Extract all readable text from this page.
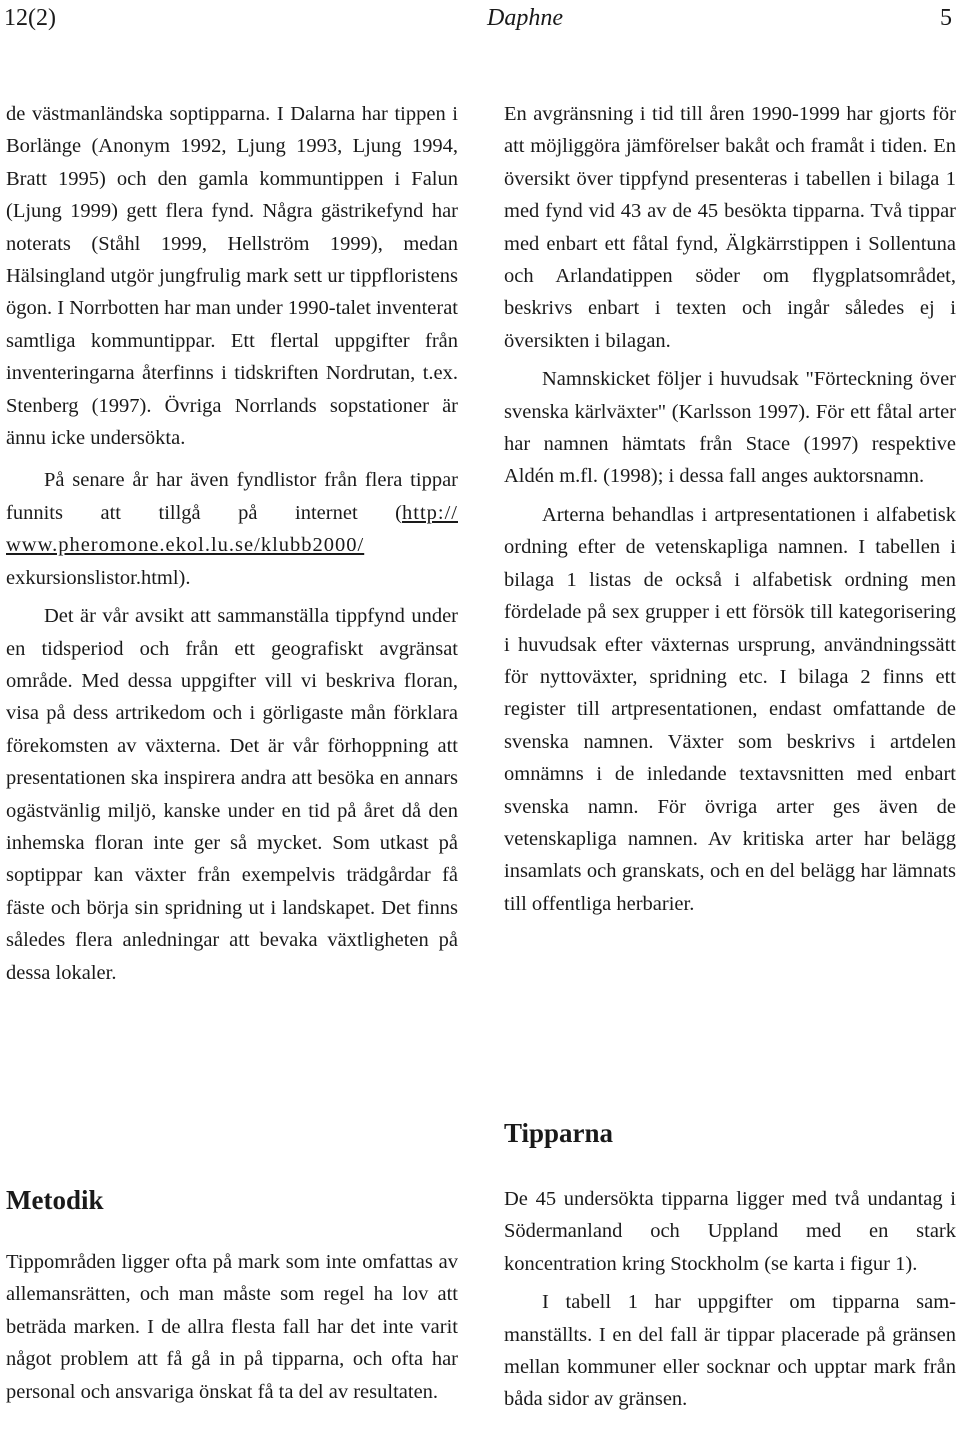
12(2)	Daphne	5

de västmanländska soptipparna. I Dalarna har tippen i Borlänge (Anonym 1992, Ljung 1993, Ljung 1994, Bratt 1995) och den gamla kommuntippen i Falun (Ljung 1999) gett flera fynd. Några gästrikefynd har noterats (Ståhl 1999, Hellström 1999), medan Hälsingland utgör jungfrulig mark sett ur tippfloristens ögon. I Norrbotten har man under 1990-talet inventerat samtliga kommuntippar. Ett flertal uppgifter från inventeringarna återfinns i tidskriften Nordrutan, t.ex. Stenberg (1997). Övriga Norrlands sopstationer är ännu icke undersökta.

På senare år har även fyndlistor från flera tippar funnits att tillgå på internet (http:// www.pheromone.ekol.lu.se/klubb2000/ exkursionslistor.html).

Det är vår avsikt att sammanställa tippfynd under en tidsperiod och från ett geografiskt avgränsat område. Med dessa uppgifter vill vi beskriva floran, visa på dess artrikedom och i görligaste mån förklara förekomsten av växterna. Det är vår förhoppning att presentationen ska inspirera andra att besöka en annars ogästvänlig miljö, kanske under en tid på året då den inhemska floran inte ger så mycket. Som utkast på soptippar kan växter från exempelvis trädgårdar få fäste och börja sin spridning ut i landskapet. Det finns således flera anledningar att bevaka växtligheten på dessa lokaler.

Metodik

Tippområden ligger ofta på mark som inte omfattas av allemansrätten, och man måste som regel ha lov att beträda marken. I de allra flesta fall har det inte varit något problem att få gå in på tipparna, och ofta har personal och ansvariga önskat få ta del av resultaten.

En avgränsning i tid till åren 1990-1999 har gjorts för att möjliggöra jämförelser bakåt och framåt i tiden. En översikt över tippfynd presenteras i tabellen i bilaga 1 med fynd vid 43 av de 45 besökta tipparna. Två tippar med enbart ett fåtal fynd, Älgkärrstippen i Sollentuna och Arlandatippen söder om flygplatsområdet, beskrivs enbart i texten och ingår således ej i översikten i bilagan.

Namnskicket följer i huvudsak "Förteckning över svenska kärlväxter" (Karlsson 1997). För ett fåtal arter har namnen hämtats från Stace (1997) respektive Aldén m.fl. (1998); i dessa fall anges auktorsnamn.

Arterna behandlas i artpresentationen i alfabetisk ordning efter de vetenskapliga namnen. I tabellen i bilaga 1 listas de också i alfabetisk ordning men fördelade på sex grupper i ett försök till kategorisering i huvudsak efter växternas ursprung, användningssätt för nyttoväxter, spridning etc. I bilaga 2 finns ett register till artpresentationen, endast omfattande de svenska namnen. Växter som beskrivs i artdelen omnämns i de inledande textavsnitten med enbart svenska namn. För övriga arter ges även de vetenskapliga namnen. Av kritiska arter har belägg insamlats och granskats, och en del belägg har lämnats till offentliga herbarier.

Tipparna

De 45 undersökta tipparna ligger med två undantag i Södermanland och Uppland med en stark koncentration kring Stockholm (se karta i figur 1).

I tabell 1 har uppgifter om tipparna sammanställts. I en del fall är tippar placerade på gränsen mellan kommuner eller socknar och upptar mark från båda sidor av gränsen.
